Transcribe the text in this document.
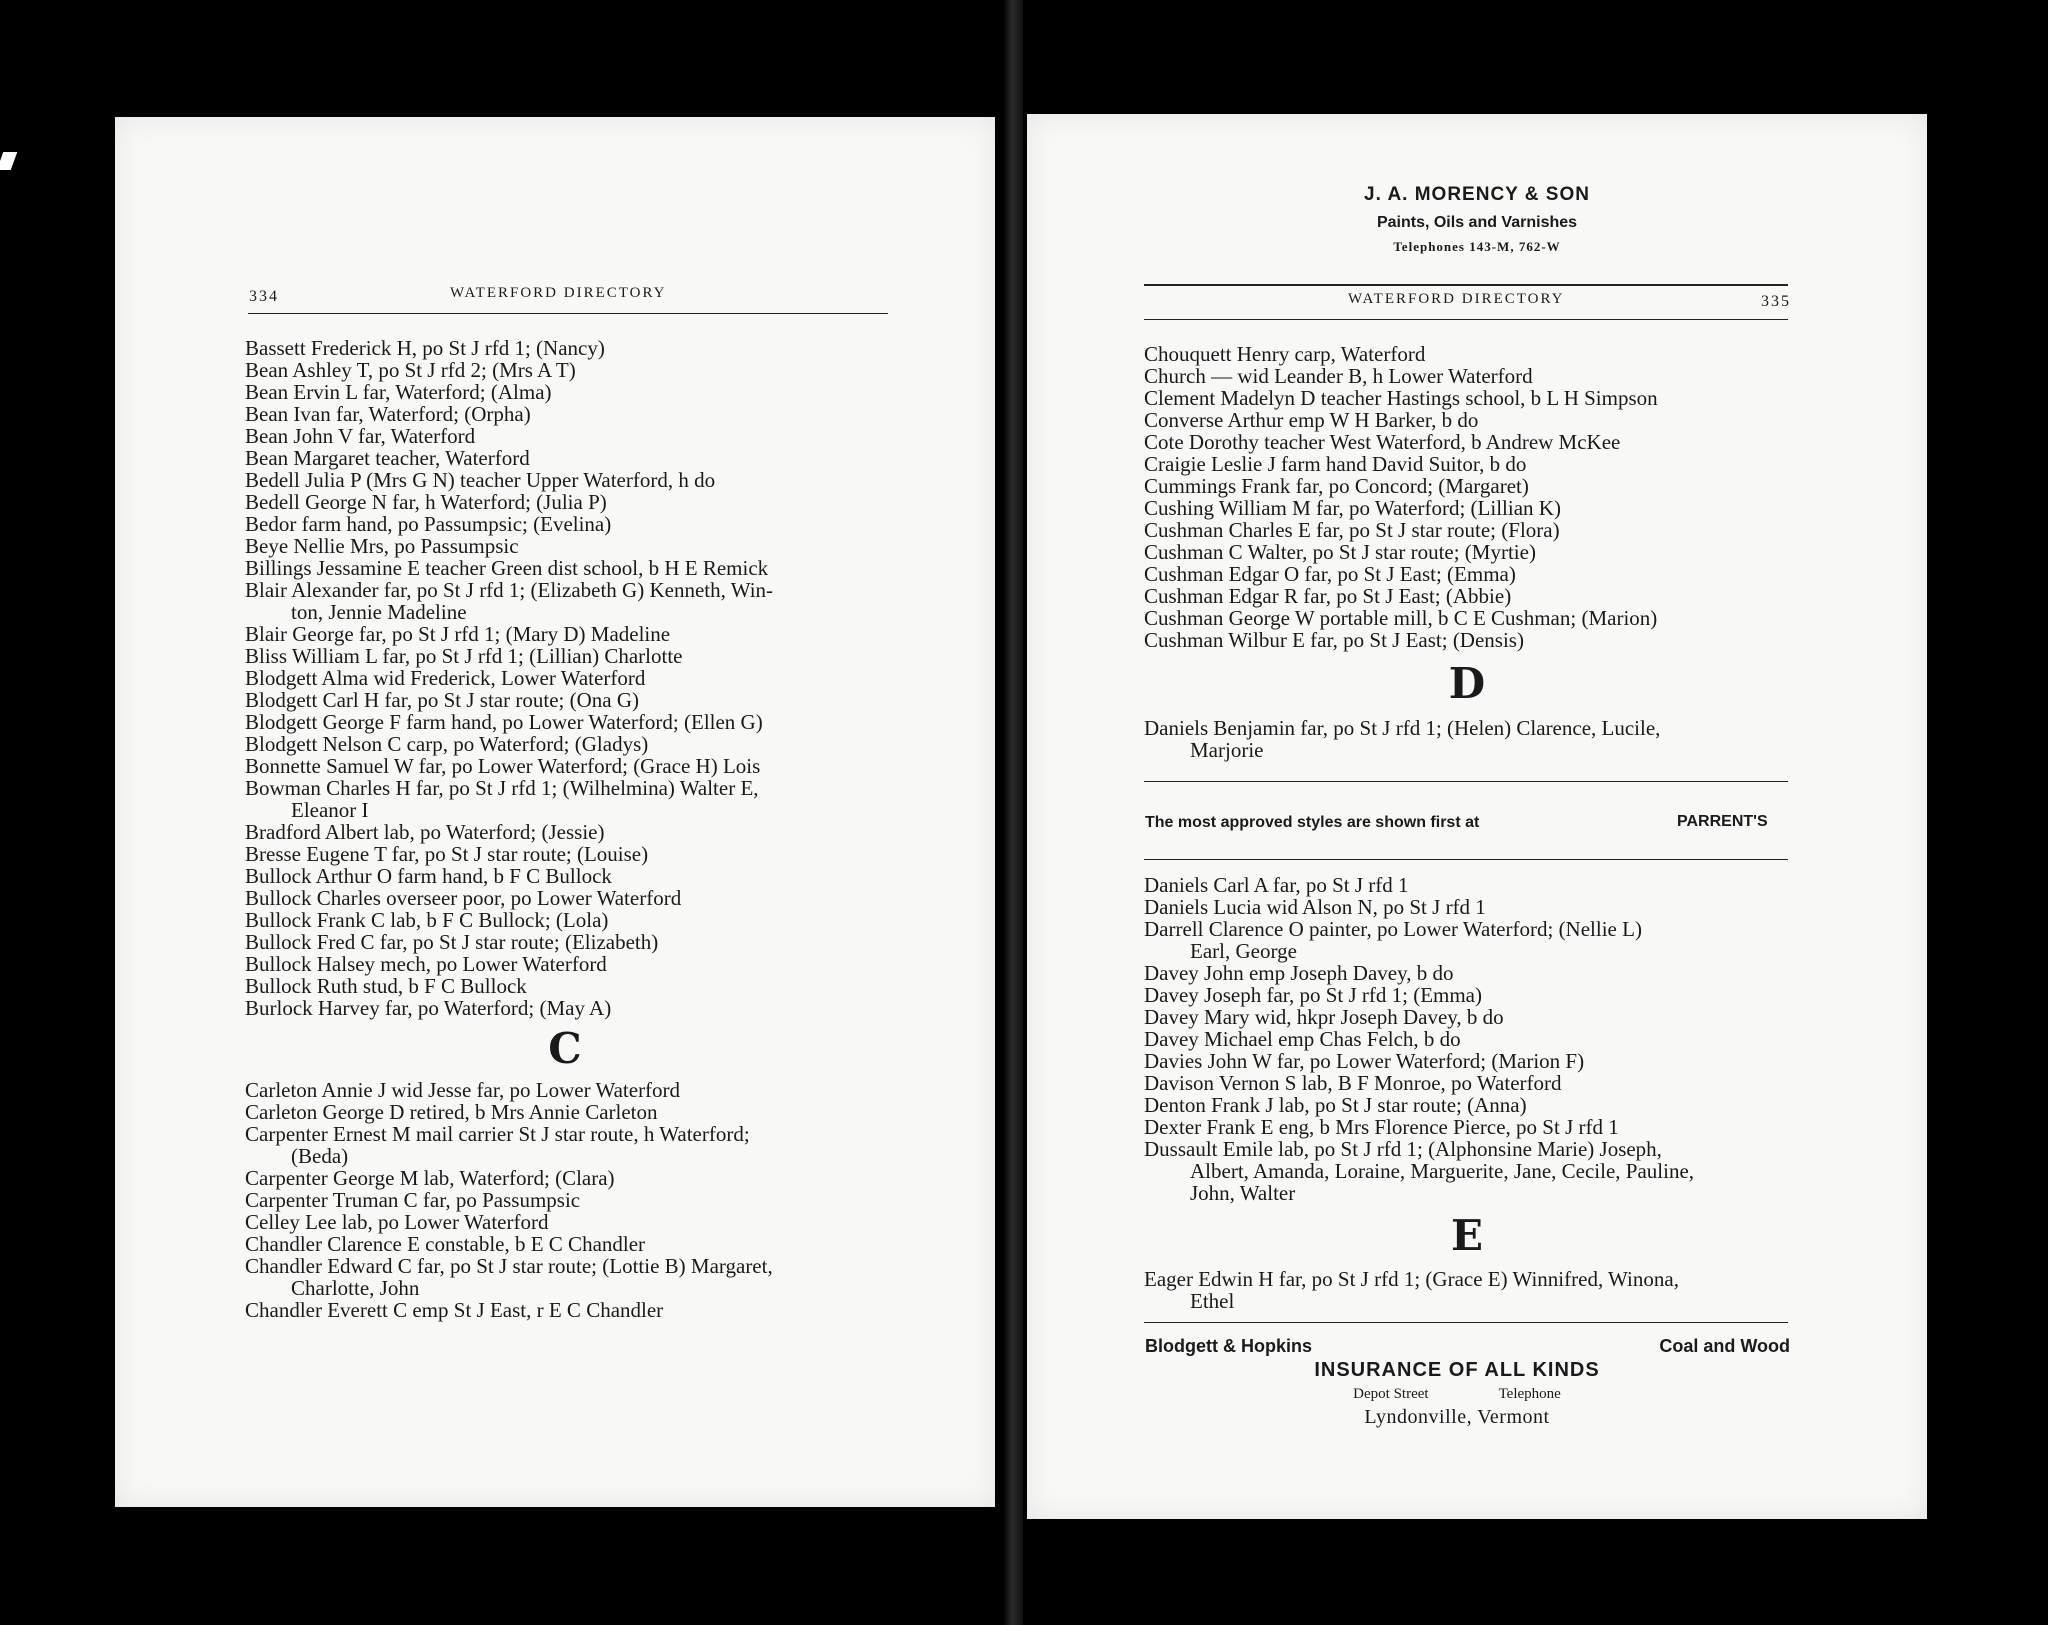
334	WATERFORD DIRECTORY
Bassett Frederick H, po St J rfd 1; (Nancy)
Bean Ashley T, po St J rfd 2; (Mrs A T)
Bean Ervin L far, Waterford; (Alma)
Bean Ivan far, Waterford; (Orpha)
Bean John V far, Waterford
Bean Margaret teacher, Waterford
Bedell Julia P (Mrs G N) teacher Upper Waterford, h do
Bedell George N far, h Waterford; (Julia P)
Bedor farm hand, po Passumpsic; (Evelina)
Beye Nellie Mrs, po Passumpsic
Billings Jessamine E teacher Green dist school, b H E Remick
Blair Alexander far, po St J rfd 1; (Elizabeth G) Kenneth, Win-
ton, Jennie Madeline
Blair George far, po St J rfd 1; (Mary D) Madeline
Bliss William L far, po St J rfd 1; (Lillian) Charlotte
Blodgett Alma wid Frederick, Lower Waterford
Blodgett Carl H far, po St J star route; (Ona G)
Blodgett George F farm hand, po Lower Waterford; (Ellen G)
Blodgett Nelson C carp, po Waterford; (Gladys)
Bonnette Samuel W far, po Lower Waterford; (Grace H) Lois
Bowman Charles H far, po St J rfd 1; (Wilhelmina) Walter E,
Eleanor I
Bradford Albert lab, po Waterford; (Jessie)
Bresse Eugene T far, po St J star route; (Louise)
Bullock Arthur O farm hand, b F C Bullock
Bullock Charles overseer poor, po Lower Waterford
Bullock Frank C lab, b F C Bullock; (Lola)
Bullock Fred C far, po St J star route; (Elizabeth)
Bullock Halsey mech, po Lower Waterford
Bullock Ruth stud, b F C Bullock
Burlock Harvey far, po Waterford; (May A)
C
Carleton Annie J wid Jesse far, po Lower Waterford
Carleton George D retired, b Mrs Annie Carleton
Carpenter Ernest M mail carrier St J star route, h Waterford;
(Beda)
Carpenter George M lab, Waterford; (Clara)
Carpenter Truman C far, po Passumpsic
Celley Lee lab, po Lower Waterford
Chandler Clarence E constable, b E C Chandler
Chandler Edward C far, po St J star route; (Lottie B) Margaret,
Charlotte, John
Chandler Everett C emp St J East, r E C Chandler
J. A. MORENCY & SON
Paints, Oils and Varnishes
Telephones 143-M, 762-W
WATERFORD DIRECTORY	335
Chouquett Henry carp, Waterford
Church — wid Leander B, h Lower Waterford
Clement Madelyn D teacher Hastings school, b L H Simpson
Converse Arthur emp W H Barker, b do
Cote Dorothy teacher West Waterford, b Andrew McKee
Craigie Leslie J farm hand David Suitor, b do
Cummings Frank far, po Concord; (Margaret)
Cushing William M far, po Waterford; (Lillian K)
Cushman Charles E far, po St J star route; (Flora)
Cushman C Walter, po St J star route; (Myrtie)
Cushman Edgar O far, po St J East; (Emma)
Cushman Edgar R far, po St J East; (Abbie)
Cushman George W portable mill, b C E Cushman; (Marion)
Cushman Wilbur E far, po St J East; (Densis)
D
Daniels Benjamin far, po St J rfd 1; (Helen) Clarence, Lucile,
Marjorie
The most approved styles are shown first at	PARRENT'S
Daniels Carl A far, po St J rfd 1
Daniels Lucia wid Alson N, po St J rfd 1
Darrell Clarence O painter, po Lower Waterford; (Nellie L)
Earl, George
Davey John emp Joseph Davey, b do
Davey Joseph far, po St J rfd 1; (Emma)
Davey Mary wid, hkpr Joseph Davey, b do
Davey Michael emp Chas Felch, b do
Davies John W far, po Lower Waterford; (Marion F)
Davison Vernon S lab, B F Monroe, po Waterford
Denton Frank J lab, po St J star route; (Anna)
Dexter Frank E eng, b Mrs Florence Pierce, po St J rfd 1
Dussault Emile lab, po St J rfd 1; (Alphonsine Marie) Joseph,
Albert, Amanda, Loraine, Marguerite, Jane, Cecile, Pauline,
John, Walter
E
Eager Edwin H far, po St J rfd 1; (Grace E) Winnifred, Winona,
Ethel
Blodgett & Hopkins	Coal and Wood
INSURANCE OF ALL KINDS
Depot Street	Telephone
Lyndonville, Vermont
